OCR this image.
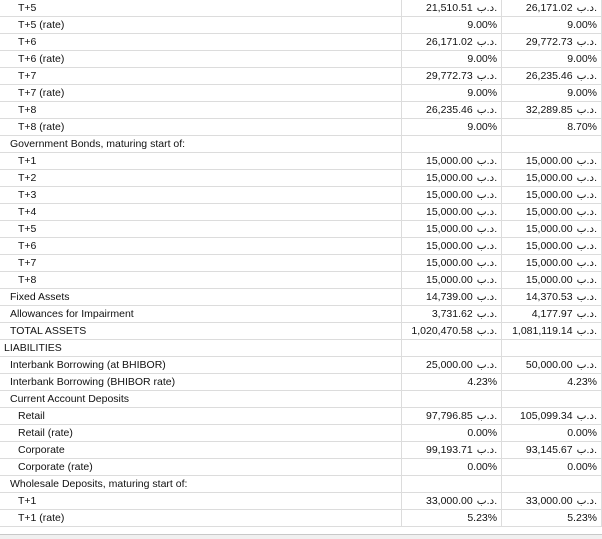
T+5	21,510.51 د.ب.	26,171.02 د.ب.
T+5 (rate)	9.00%	9.00%
T+6	26,171.02 د.ب.	29,772.73 د.ب.
T+6 (rate)	9.00%	9.00%
T+7	29,772.73 د.ب.	26,235.46 د.ب.
T+7 (rate)	9.00%	9.00%
T+8	26,235.46 د.ب.	32,289.85 د.ب.
T+8 (rate)	9.00%	8.70%
Government Bonds, maturing start of:		
T+1	15,000.00 د.ب.	15,000.00 د.ب.
T+2	15,000.00 د.ب.	15,000.00 د.ب.
T+3	15,000.00 د.ب.	15,000.00 د.ب.
T+4	15,000.00 د.ب.	15,000.00 د.ب.
T+5	15,000.00 د.ب.	15,000.00 د.ب.
T+6	15,000.00 د.ب.	15,000.00 د.ب.
T+7	15,000.00 د.ب.	15,000.00 د.ب.
T+8	15,000.00 د.ب.	15,000.00 د.ب.
Fixed Assets	14,739.00 د.ب.	14,370.53 د.ب.
Allowances for Impairment	3,731.62 د.ب.	4,177.97 د.ب.
TOTAL ASSETS	1,020,470.58 د.ب.	1,081,119.14 د.ب.
LIABILITIES		
Interbank Borrowing (at BHIBOR)	25,000.00 د.ب.	50,000.00 د.ب.
Interbank Borrowing (BHIBOR rate)	4.23%	4.23%
Current Account Deposits		
Retail	97,796.85 د.ب.	105,099.34 د.ب.
Retail (rate)	0.00%	0.00%
Corporate	99,193.71 د.ب.	93,145.67 د.ب.
Corporate (rate)	0.00%	0.00%
Wholesale Deposits, maturing start of:		
T+1	33,000.00 د.ب.	33,000.00 د.ب.
T+1 (rate)	5.23%	5.23%
